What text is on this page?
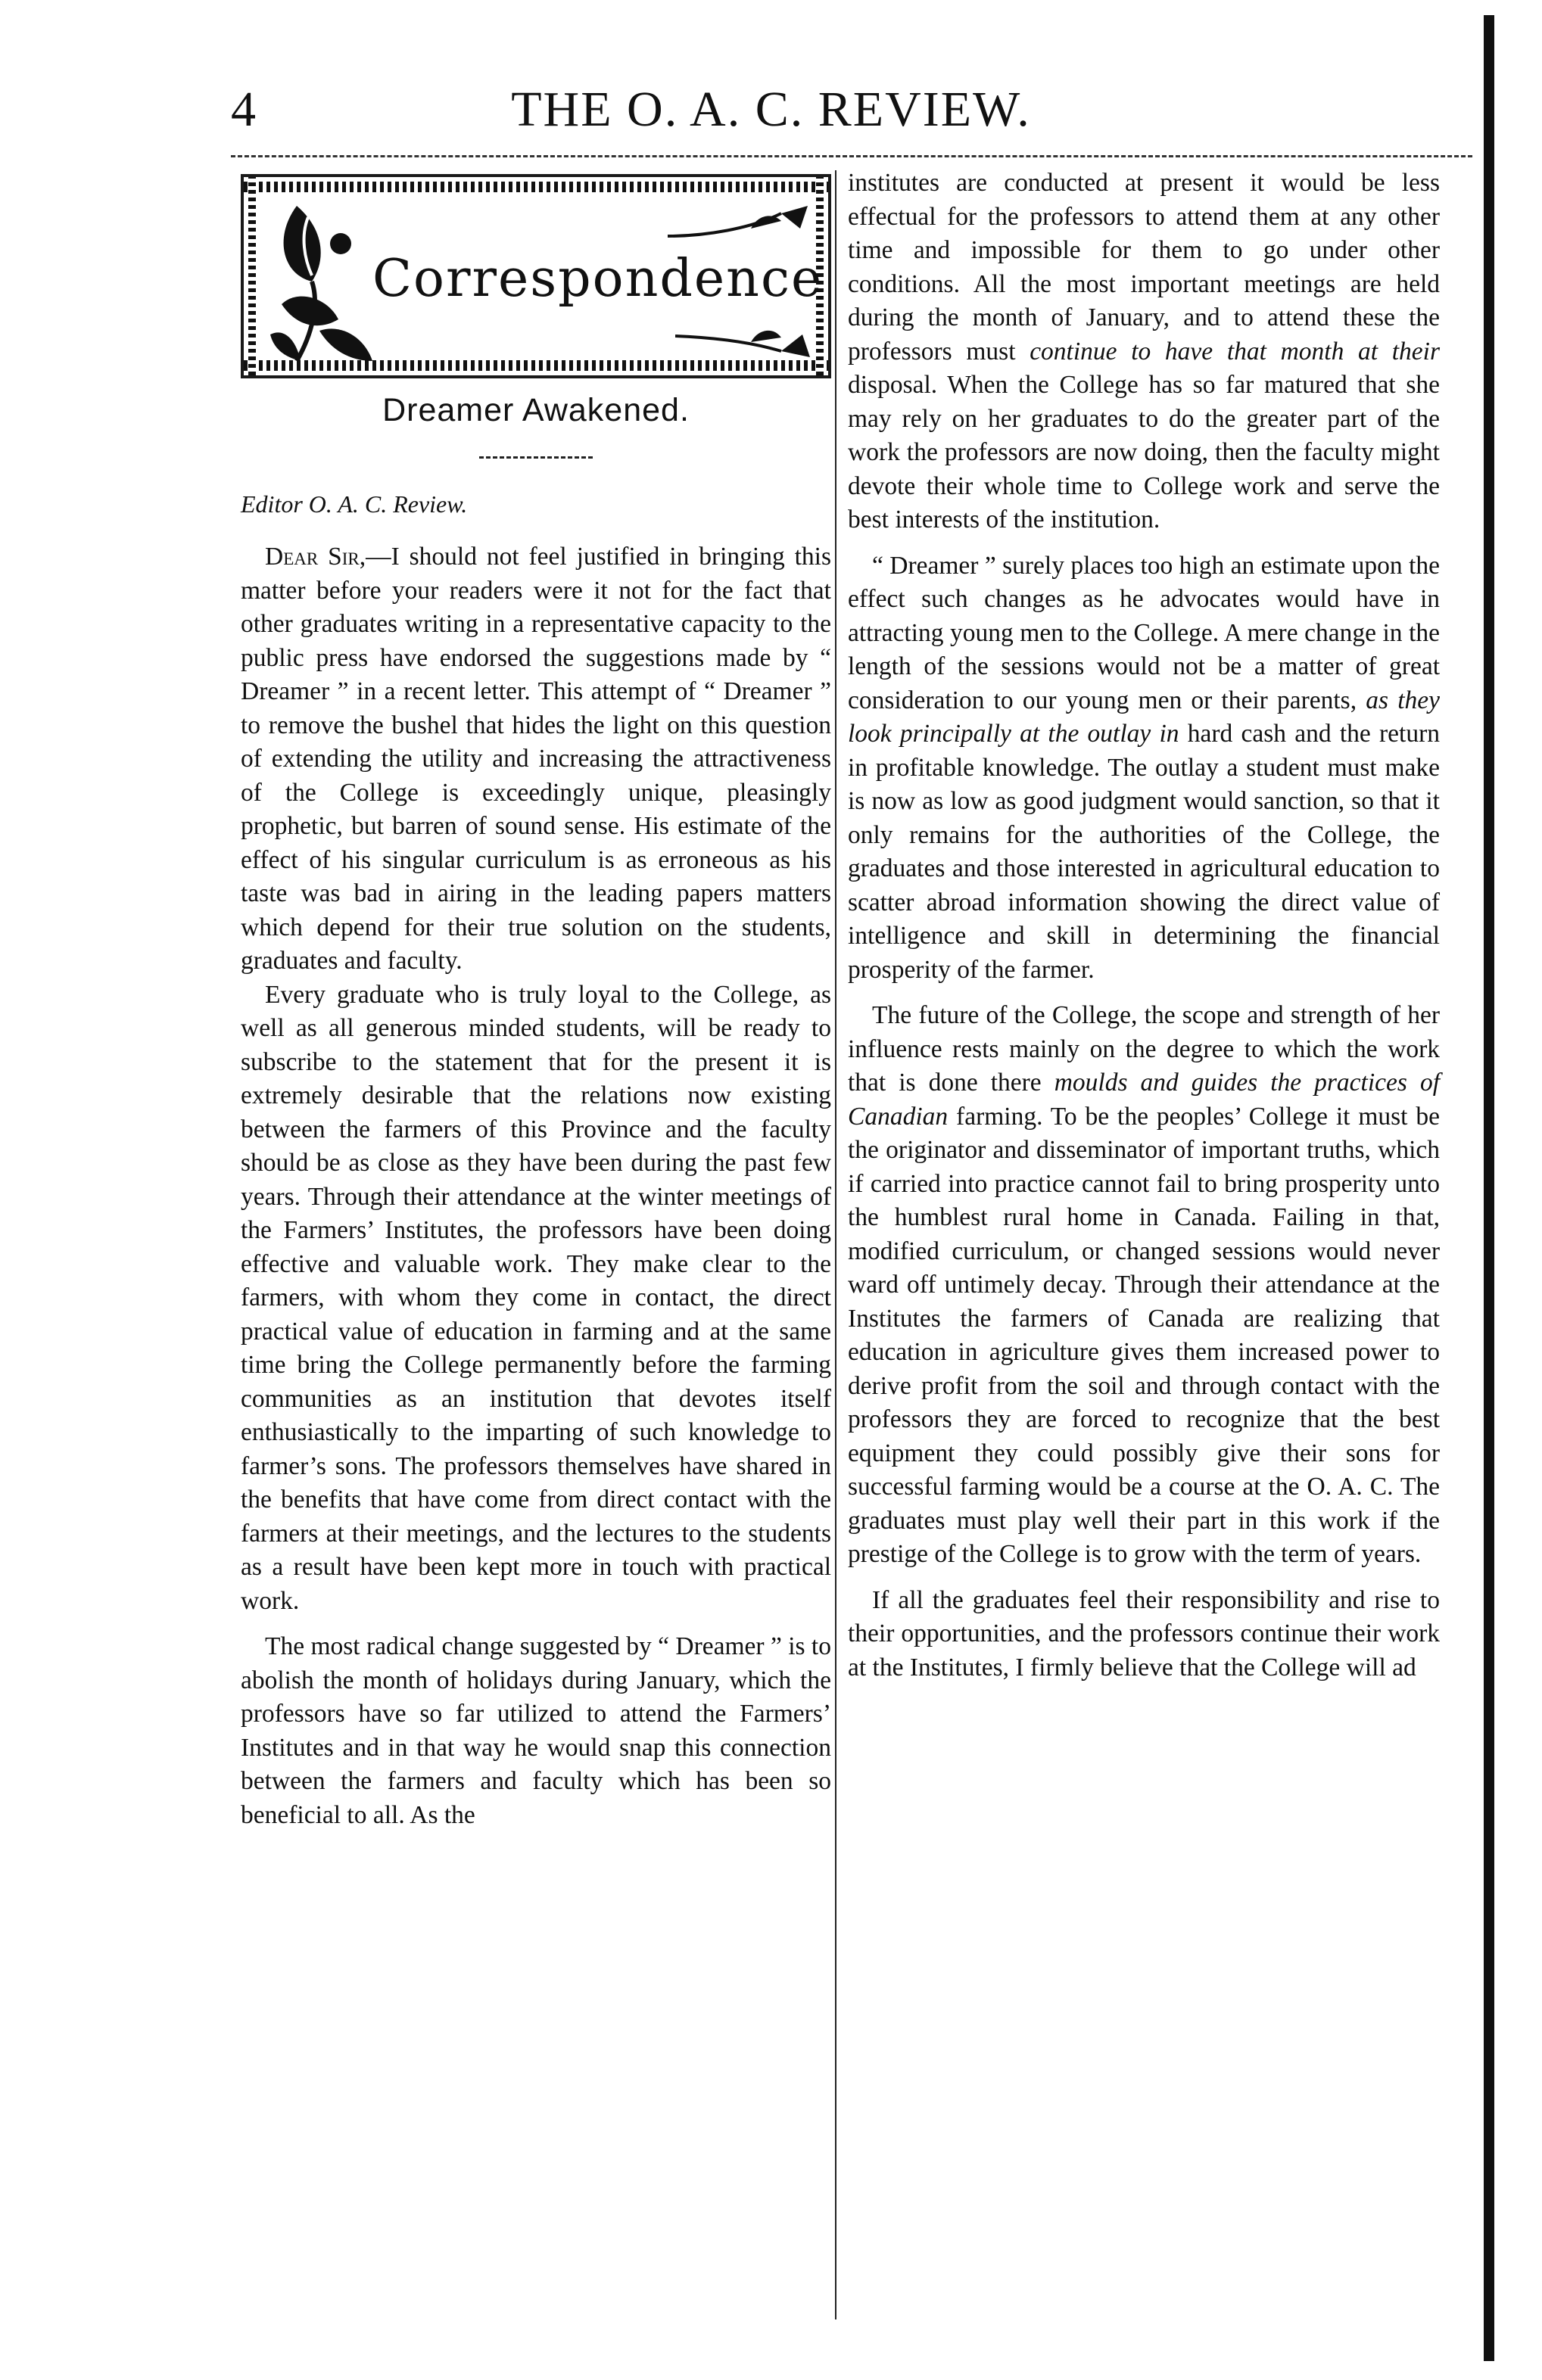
4	THE O. A. C. REVIEW.
Correspondence
Dreamer Awakened.
Editor O. A. C. Review.

Dear Sir,—I should not feel justified in bringing this matter before your readers were it not for the fact that other graduates writing in a representative capacity to the public press have endorsed the suggestions made by “ Dreamer ” in a recent letter. This attempt of “ Dreamer ” to remove the bushel that hides the light on this question of extending the utility and increasing the attractiveness of the College is exceedingly unique, pleasingly prophetic, but barren of sound sense. His estimate of the effect of his singular curriculum is as erroneous as his taste was bad in airing in the leading papers matters which depend for their true solution on the students, graduates and faculty.

Every graduate who is truly loyal to the College, as well as all generous minded students, will be ready to subscribe to the statement that for the present it is extremely desirable that the relations now existing between the farmers of this Province and the faculty should be as close as they have been during the past few years. Through their attendance at the winter meetings of the Farmers’ Institutes, the professors have been doing effective and valuable work. They make clear to the farmers, with whom they come in contact, the direct practical value of education in farming and at the same time bring the College permanently before the farming communities as an institution that devotes itself enthusiastically to the imparting of such knowledge to farmer’s sons. The professors themselves have shared in the benefits that have come from direct contact with the farmers at their meetings, and the lectures to the students as a result have been kept more in touch with practical work.

The most radical change suggested by “ Dreamer ” is to abolish the month of holidays during January, which the professors have so far utilized to attend the Farmers’ Institutes and in that way he would snap this connection between the farmers and faculty which has been so beneficial to all. As the

institutes are conducted at present it would be less effectual for the professors to attend them at any other time and impossible for them to go under other conditions. All the most important meetings are held during the month of January, and to attend these the professors must continue to have that month at their disposal. When the College has so far matured that she may rely on her graduates to do the greater part of the work the professors are now doing, then the faculty might devote their whole time to College work and serve the best interests of the institution.

“ Dreamer ” surely places too high an estimate upon the effect such changes as he advocates would have in attracting young men to the College. A mere change in the length of the sessions would not be a matter of great consideration to our young men or their parents, as they look principally at the outlay in hard cash and the return in profitable knowledge. The outlay a student must make is now as low as good judgment would sanction, so that it only remains for the authorities of the College, the graduates and those interested in agricultural education to scatter abroad information showing the direct value of intelligence and skill in determining the financial prosperity of the farmer.

The future of the College, the scope and strength of her influence rests mainly on the degree to which the work that is done there moulds and guides the practices of Canadian farming. To be the peoples’ College it must be the originator and disseminator of important truths, which if carried into practice cannot fail to bring prosperity unto the humblest rural home in Canada. Failing in that, modified curriculum, or changed sessions would never ward off untimely decay. Through their attendance at the Institutes the farmers of Canada are realizing that education in agriculture gives them increased power to derive profit from the soil and through contact with the professors they are forced to recognize that the best equipment they could possibly give their sons for successful farming would be a course at the O. A. C. The graduates must play well their part in this work if the prestige of the College is to grow with the term of years.

If all the graduates feel their responsibility and rise to their opportunities, and the professors continue their work at the Institutes, I firmly believe that the College will ad
